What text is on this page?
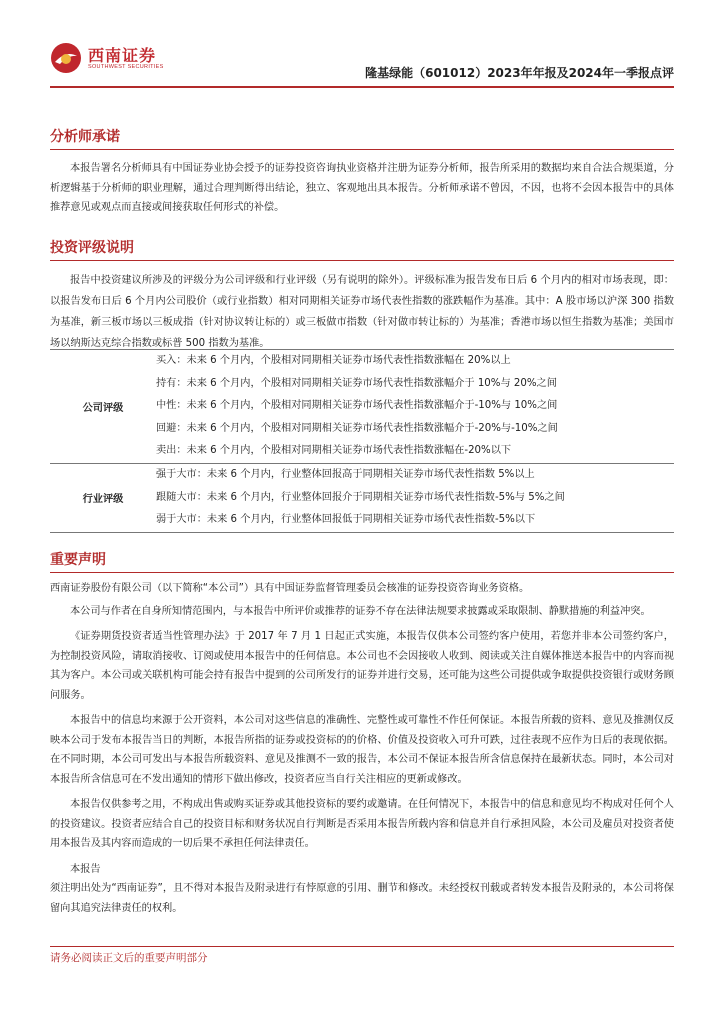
西南证券
SOUTHWEST SECURITIES	隆基绿能（601012）2023年年报及2024年一季报点评
分析师承诺

本报告署名分析师具有中国证券业协会授予的证券投资咨询执业资格并注册为证券分析师，报告所采用的数据均来自合法合规渠道，分析逻辑基于分析师的职业理解，通过合理判断得出结论，独立、客观地出具本报告。分析师承诺不曾因，不因，也将不会因本报告中的具体推荐意见或观点而直接或间接获取任何形式的补偿。

投资评级说明

报告中投资建议所涉及的评级分为公司评级和行业评级（另有说明的除外）。评级标准为报告发布日后 6 个月内的相对市场表现，即：以报告发布日后 6 个月内公司股价（或行业指数）相对同期相关证券市场代表性指数的涨跌幅作为基准。其中：A 股市场以沪深 300 指数为基准，新三板市场以三板成指（针对协议转让标的）或三板做市指数（针对做市转让标的）为基准；香港市场以恒生指数为基准；美国市场以纳斯达克综合指数或标普 500 指数为基准。

公司评级	买入：未来 6 个月内，个股相对同期相关证券市场代表性指数涨幅在 20%以上
	持有：未来 6 个月内，个股相对同期相关证券市场代表性指数涨幅介于 10%与 20%之间
	中性：未来 6 个月内，个股相对同期相关证券市场代表性指数涨幅介于-10%与 10%之间
	回避：未来 6 个月内，个股相对同期相关证券市场代表性指数涨幅介于-20%与-10%之间
	卖出：未来 6 个月内，个股相对同期相关证券市场代表性指数涨幅在-20%以下
行业评级	强于大市：未来 6 个月内，行业整体回报高于同期相关证券市场代表性指数 5%以上
	跟随大市：未来 6 个月内，行业整体回报介于同期相关证券市场代表性指数-5%与 5%之间
	弱于大市：未来 6 个月内，行业整体回报低于同期相关证券市场代表性指数-5%以下
重要声明

西南证券股份有限公司（以下简称“本公司”）具有中国证券监督管理委员会核准的证券投资咨询业务资格。

本公司与作者在自身所知情范围内，与本报告中所评价或推荐的证券不存在法律法规要求披露或采取限制、静默措施的利益冲突。

《证券期货投资者适当性管理办法》于 2017 年 7 月 1 日起正式实施，本报告仅供本公司签约客户使用，若您并非本公司签约客户，为控制投资风险，请取消接收、订阅或使用本报告中的任何信息。本公司也不会因接收人收到、阅读或关注自媒体推送本报告中的内容而视其为客户。本公司或关联机构可能会持有报告中提到的公司所发行的证券并进行交易，还可能为这些公司提供或争取提供投资银行或财务顾问服务。

本报告中的信息均来源于公开资料，本公司对这些信息的准确性、完整性或可靠性不作任何保证。本报告所载的资料、意见及推测仅反映本公司于发布本报告当日的判断，本报告所指的证券或投资标的的价格、价值及投资收入可升可跌，过往表现不应作为日后的表现依据。在不同时期，本公司可发出与本报告所载资料、意见及推测不一致的报告，本公司不保证本报告所含信息保持在最新状态。同时，本公司对本报告所含信息可在不发出通知的情形下做出修改，投资者应当自行关注相应的更新或修改。

本报告仅供参考之用，不构成出售或购买证券或其他投资标的要约或邀请。在任何情况下，本报告中的信息和意见均不构成对任何个人的投资建议。投资者应结合自己的投资目标和财务状况自行判断是否采用本报告所载内容和信息并自行承担风险，本公司及雇员对投资者使用本报告及其内容而造成的一切后果不承担任何法律责任。

本报告

须注明出处为“西南证券”，且不得对本报告及附录进行有悖原意的引用、删节和修改。未经授权刊载或者转发本报告及附录的，本公司将保留向其追究法律责任的权利。

请务必阅读正文后的重要声明部分
